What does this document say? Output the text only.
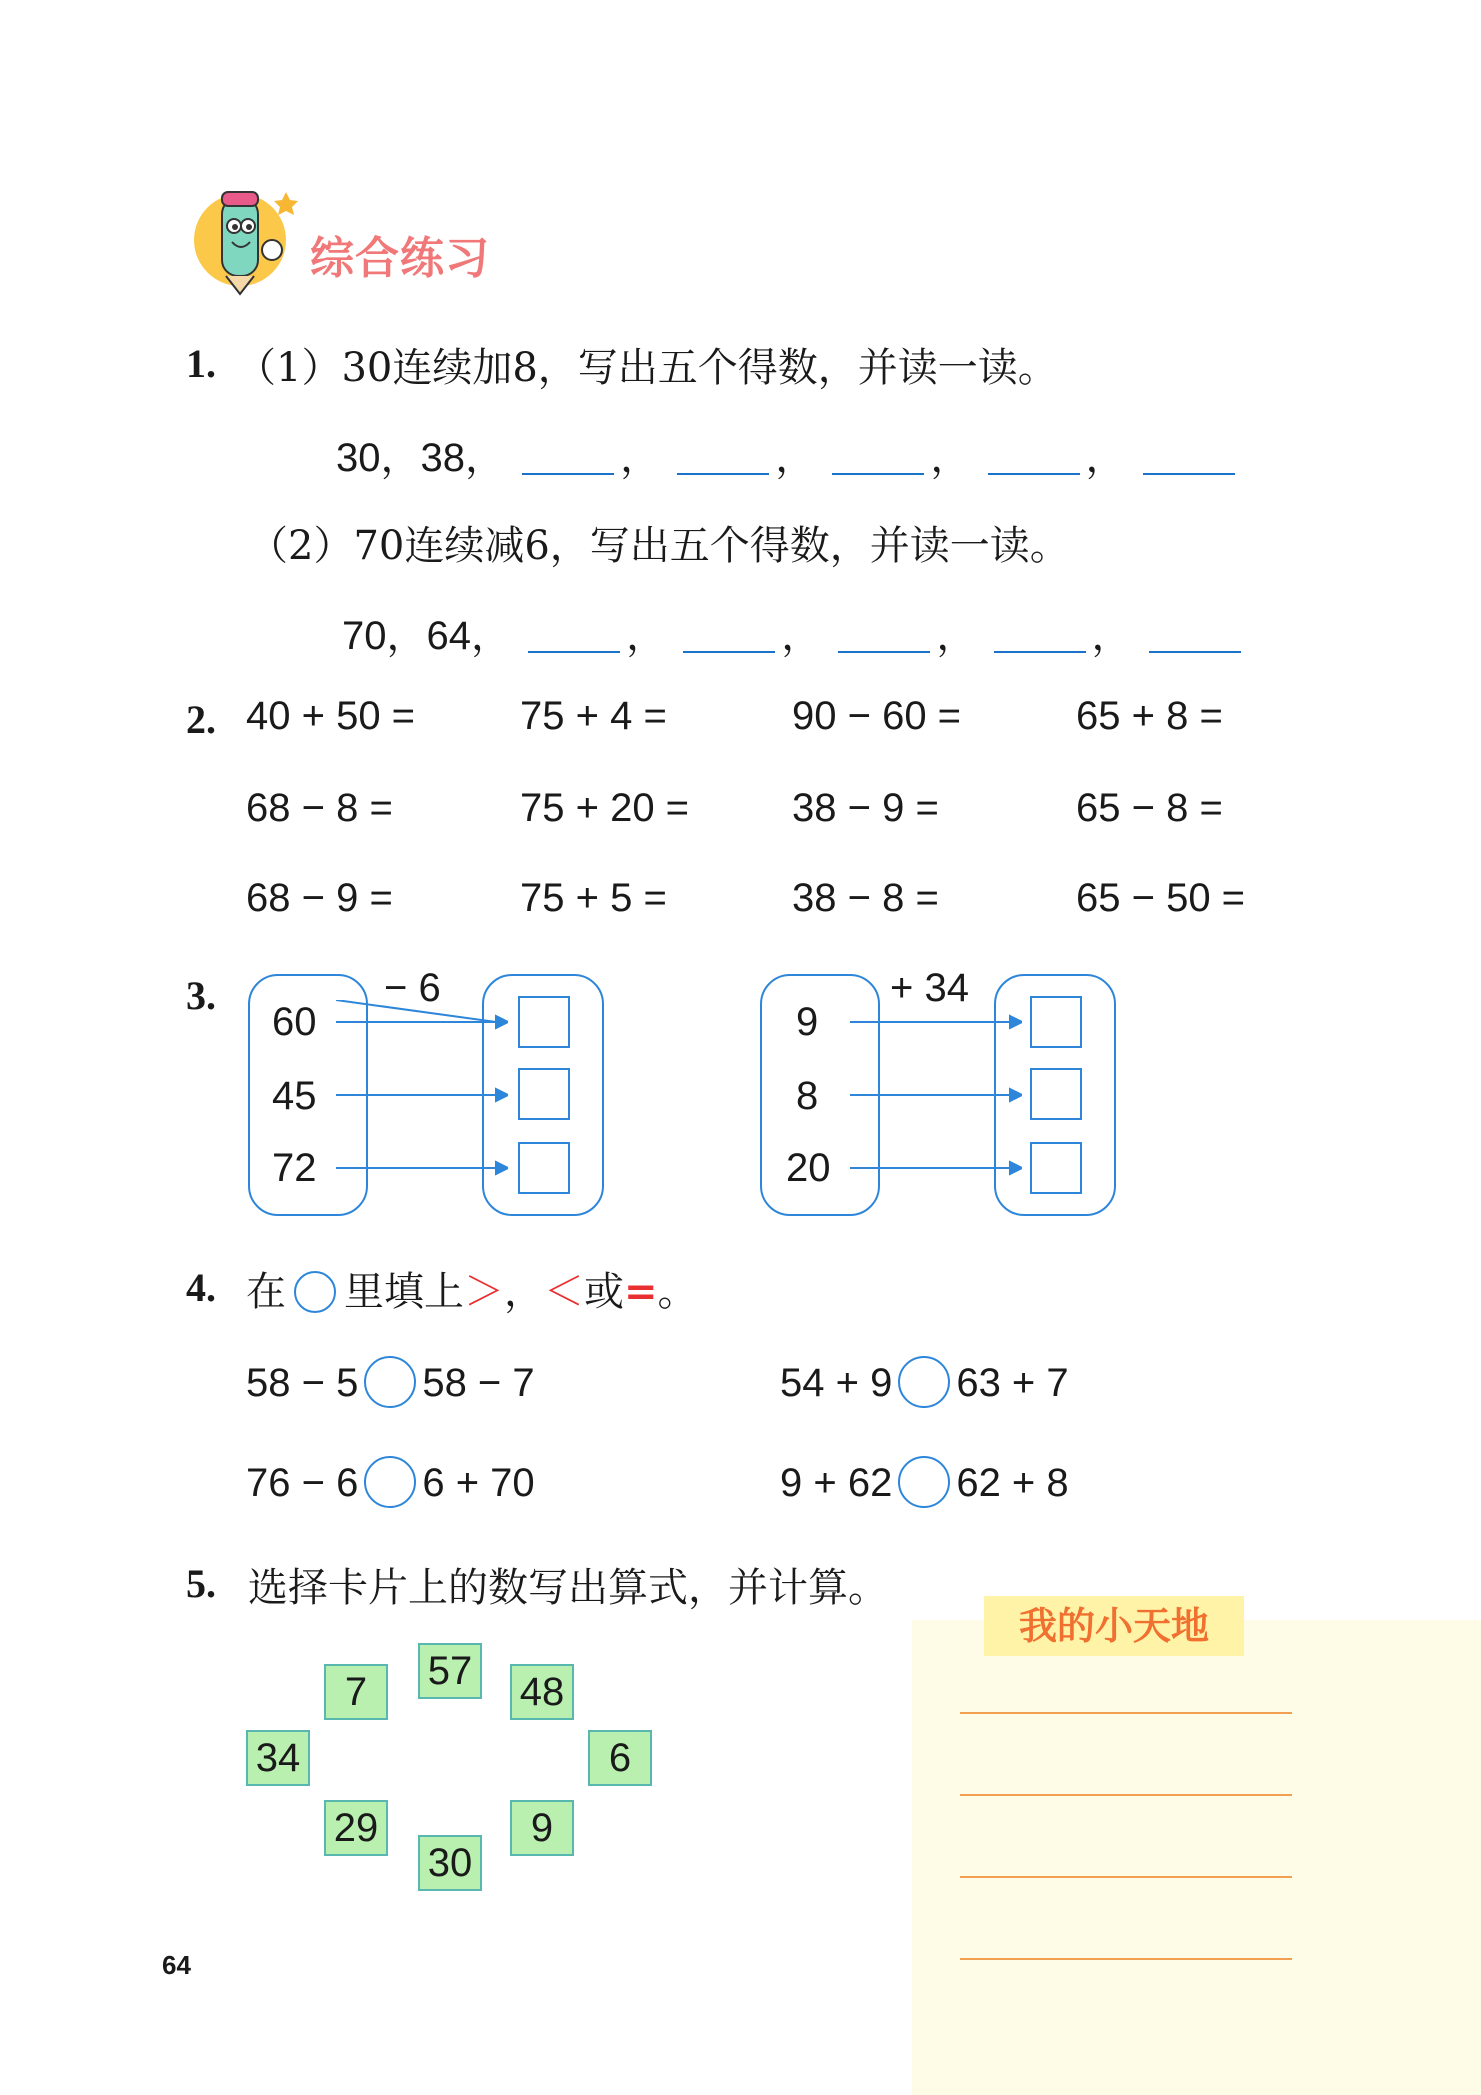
综合练习
1. （1）30连续加8，写出五个得数，并读一读。
30，38，	，	，	，	，
（2）70连续减6，写出五个得数，并读一读。
70，64，	，	，	，	，
2. 40 + 50 =	75 + 4 =	90 − 60 =	65 + 8 =
68 − 8 =	75 + 20 =	38 − 9 =	65 − 8 =
68 − 9 =	75 + 5 =	38 − 8 =	65 − 50 =
3.	− 6
60
45
72
+ 34
9
8
20
4. 在 里填上＞，＜或=。
58 − 5 58 − 7	54 + 9 63 + 7
76 − 6 6 + 70	9 + 62 62 + 8
5. 选择卡片上的数写出算式，并计算。
7	57 48
34	6
29
30
9
我的小天地
64
